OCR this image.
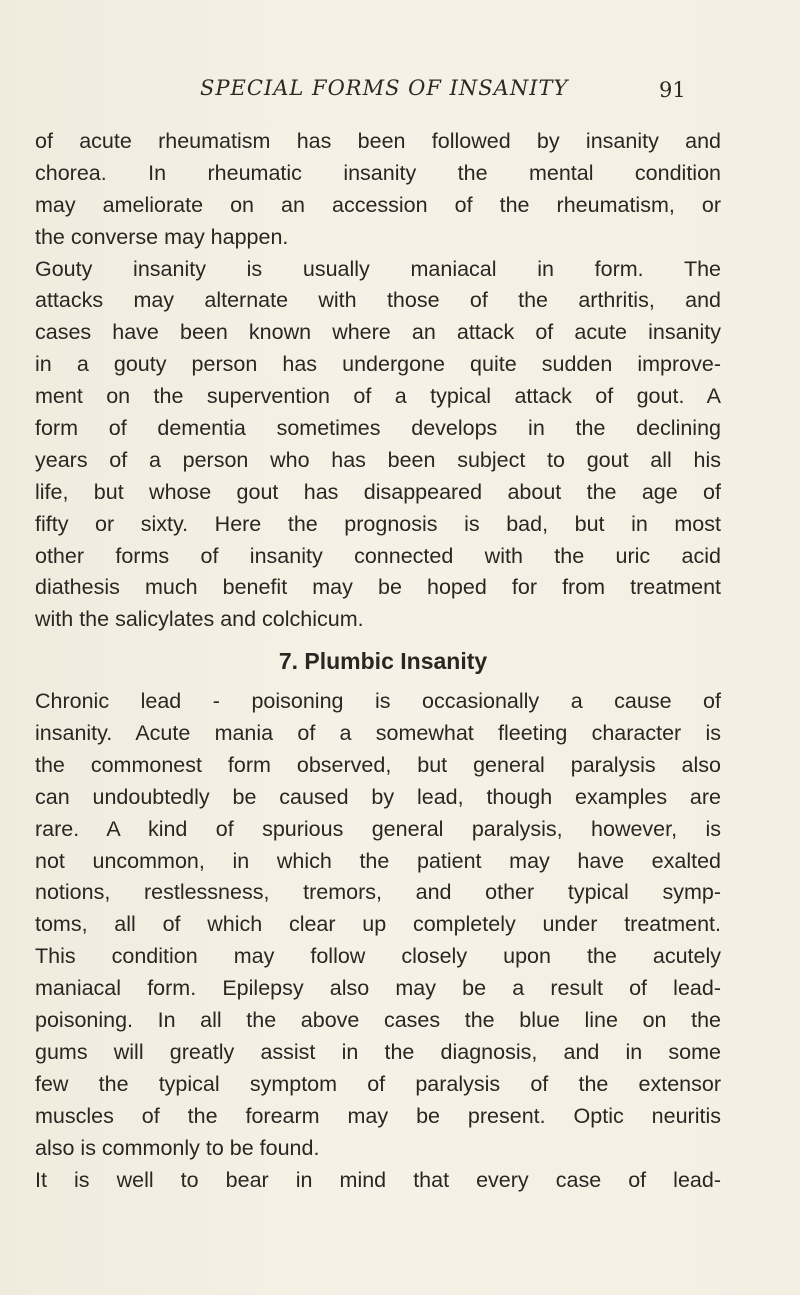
SPECIAL FORMS OF INSANITY	91
of acute rheumatism has been followed by insanity and
chorea. In rheumatic insanity the mental condition
may ameliorate on an accession of the rheumatism, or
the converse may happen.
Gouty insanity is usually maniacal in form. The
attacks may alternate with those of the arthritis, and
cases have been known where an attack of acute insanity
in a gouty person has undergone quite sudden improve-
ment on the supervention of a typical attack of gout. A
form of dementia sometimes develops in the declining
years of a person who has been subject to gout all his
life, but whose gout has disappeared about the age of
fifty or sixty. Here the prognosis is bad, but in most
other forms of insanity connected with the uric acid
diathesis much benefit may be hoped for from treatment
with the salicylates and colchicum.
7. Plumbic Insanity
Chronic lead - poisoning is occasionally a cause of
insanity. Acute mania of a somewhat fleeting character is
the commonest form observed, but general paralysis also
can undoubtedly be caused by lead, though examples are
rare. A kind of spurious general paralysis, however, is
not uncommon, in which the patient may have exalted
notions, restlessness, tremors, and other typical symp-
toms, all of which clear up completely under treatment.
This condition may follow closely upon the acutely
maniacal form. Epilepsy also may be a result of lead-
poisoning. In all the above cases the blue line on the
gums will greatly assist in the diagnosis, and in some
few the typical symptom of paralysis of the extensor
muscles of the forearm may be present. Optic neuritis
also is commonly to be found.
It is well to bear in mind that every case of lead-
